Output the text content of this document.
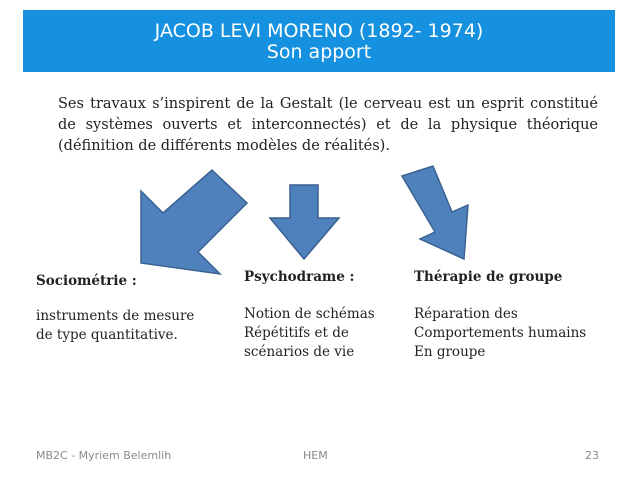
JACOB LEVI MORENO (1892- 1974)
Son apport
Ses travaux s’inspirent de la Gestalt (le cerveau est un esprit constitué de systèmes ouverts et interconnectés) et de la physique théorique (définition de différents modèles de réalités).
Sociométrie :
instruments de mesure
de type quantitative.
Psychodrame :
Notion de schémas
Répétitifs et de
scénarios de vie
Thérapie de groupe
Réparation des
Comportements humains
En groupe
MB2C - Myriem Belemlih	HEM	23
